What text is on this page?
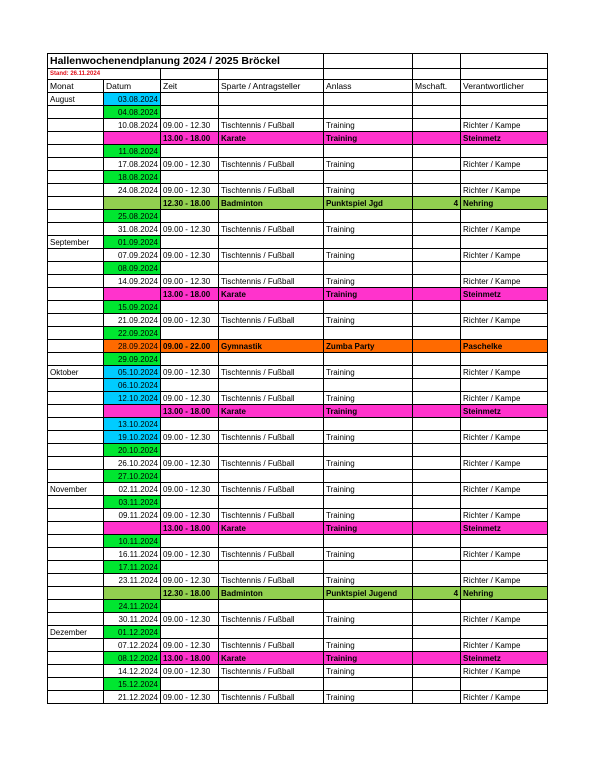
Hallenwochenendplanung 2024 / 2025 Bröckel						
Stand: 26.11.2024						
Monat	Datum	Zeit	Sparte / Antragsteller	Anlass	Mschaft.	Verantwortlicher
August	03.08.2024					
	04.08.2024					
	10.08.2024	09.00 - 12.30	Tischtennis / Fußball	Training		Richter / Kampe
		13.00 - 18.00	Karate	Training		Steinmetz
	11.08.2024					
	17.08.2024	09.00 - 12.30	Tischtennis / Fußball	Training		Richter / Kampe
	18.08.2024					
	24.08.2024	09.00 - 12.30	Tischtennis / Fußball	Training		Richter / Kampe
		12.30 - 18.00	Badminton	Punktspiel Jgd	4	Nehring
	25.08.2024					
	31.08.2024	09.00 - 12.30	Tischtennis / Fußball	Training		Richter / Kampe
September	01.09.2024					
	07.09.2024	09.00 - 12.30	Tischtennis / Fußball	Training		Richter / Kampe
	08.09.2024					
	14.09.2024	09.00 - 12.30	Tischtennis / Fußball	Training		Richter / Kampe
		13.00 - 18.00	Karate	Training		Steinmetz
	15.09.2024					
	21.09.2024	09.00 - 12.30	Tischtennis / Fußball	Training		Richter / Kampe
	22.09.2024					
	28.09.2024	09.00 - 22.00	Gymnastik	Zumba Party		Paschelke
	29.09.2024					
Oktober	05.10.2024	09.00 - 12.30	Tischtennis / Fußball	Training		Richter / Kampe
	06.10.2024					
	12.10.2024	09.00 - 12.30	Tischtennis / Fußball	Training		Richter / Kampe
		13.00 - 18.00	Karate	Training		Steinmetz
	13.10.2024					
	19.10.2024	09.00 - 12.30	Tischtennis / Fußball	Training		Richter / Kampe
	20.10.2024					
	26.10.2024	09.00 - 12.30	Tischtennis / Fußball	Training		Richter / Kampe
	27.10.2024					
November	02.11.2024	09.00 - 12.30	Tischtennis / Fußball	Training		Richter / Kampe
	03.11.2024					
	09.11.2024	09.00 - 12.30	Tischtennis / Fußball	Training		Richter / Kampe
		13.00 - 18.00	Karate	Training		Steinmetz
	10.11.2024					
	16.11.2024	09.00 - 12.30	Tischtennis / Fußball	Training		Richter / Kampe
	17.11.2024					
	23.11.2024	09.00 - 12.30	Tischtennis / Fußball	Training		Richter / Kampe
		12.30 - 18.00	Badminton	Punktspiel Jugend	4	Nehring
	24.11.2024					
	30.11.2024	09.00 - 12.30	Tischtennis / Fußball	Training		Richter / Kampe
Dezember	01.12.2024					
	07.12.2024	09.00 - 12.30	Tischtennis / Fußball	Training		Richter / Kampe
	08.12.2024	13.00 - 18.00	Karate	Training		Steinmetz
	14.12.2024	09.00 - 12.30	Tischtennis / Fußball	Training		Richter / Kampe
	15.12.2024					
	21.12.2024	09.00 - 12.30	Tischtennis / Fußball	Training		Richter / Kampe
